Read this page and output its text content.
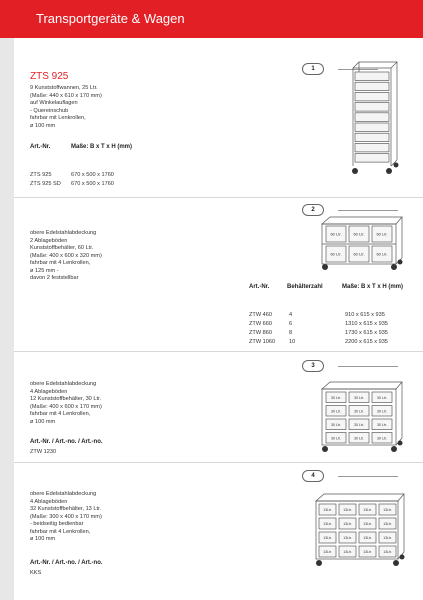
Transportgeräte & Wagen
ZTS 925
9 Kunststoffwannen, 25 Ltr.
(Maße: 440 x 610 x 170 mm)
auf Winkelauflagen
- Quereinschub
fahrbar mit Lenkrollen,
ø 100 mm
Art.-Nr.	Maße: B x T x H (mm)
ZTS 925	670 x 500 x 1760
ZTS 925 SD 670 x 500 x 1760
1
obere Edelstahlabdeckung
2 Ablageböden
Kunststoffbehälter, 60 Ltr.
(Maße: 400 x 600 x 320 mm)
fahrbar mit 4 Lenkrollen,
ø 125 mm -
davon 2 feststellbar
2
60 Ltr.	60 Ltr.	60 Ltr.
60 Ltr.	60 Ltr.	60 Ltr.
Art.-Nr.	Behälterzahl	Maße: B x T x H (mm)
ZTW 460	4	910 x 615 x 935
ZTW 660	6	1310 x 615 x 935
ZTW 860	8	1730 x 615 x 935
ZTW 1060 10	2200 x 615 x 935
obere Edelstahlabdeckung
4 Ablageböden
12 Kunststoffbehälter, 30 Ltr.
(Maße: 400 x 600 x 170 mm)
fahrbar mit 4 Lenkrollen,
ø 100 mm
Art.-Nr. / Art.-no. / Art.-no.
ZTW 1230
3
30 Ltr.	30 Ltr.	30 Ltr.
30 Ltr.	30 Ltr.	30 Ltr.
30 Ltr.	30 Ltr.	30 Ltr.
30 Ltr.	30 Ltr.	30 Ltr.
obere Edelstahlabdeckung
4 Ablageböden
32 Kunststoffbehälter, 13 Ltr.
(Maße: 300 x 400 x 170 mm)
- beidseitig bedienbar
fahrbar mit 4 Lenkrollen,
ø 100 mm
Art.-Nr. / Art.-no. / Art.-no.
KKS
4
13Ltr.	13Ltr.	13Ltr.	13Ltr.
13Ltr.	13Ltr.	13Ltr.	13Ltr.
13Ltr.	13Ltr.	13Ltr.	13Ltr.
13Ltr.	13Ltr.	13Ltr.	13Ltr.
